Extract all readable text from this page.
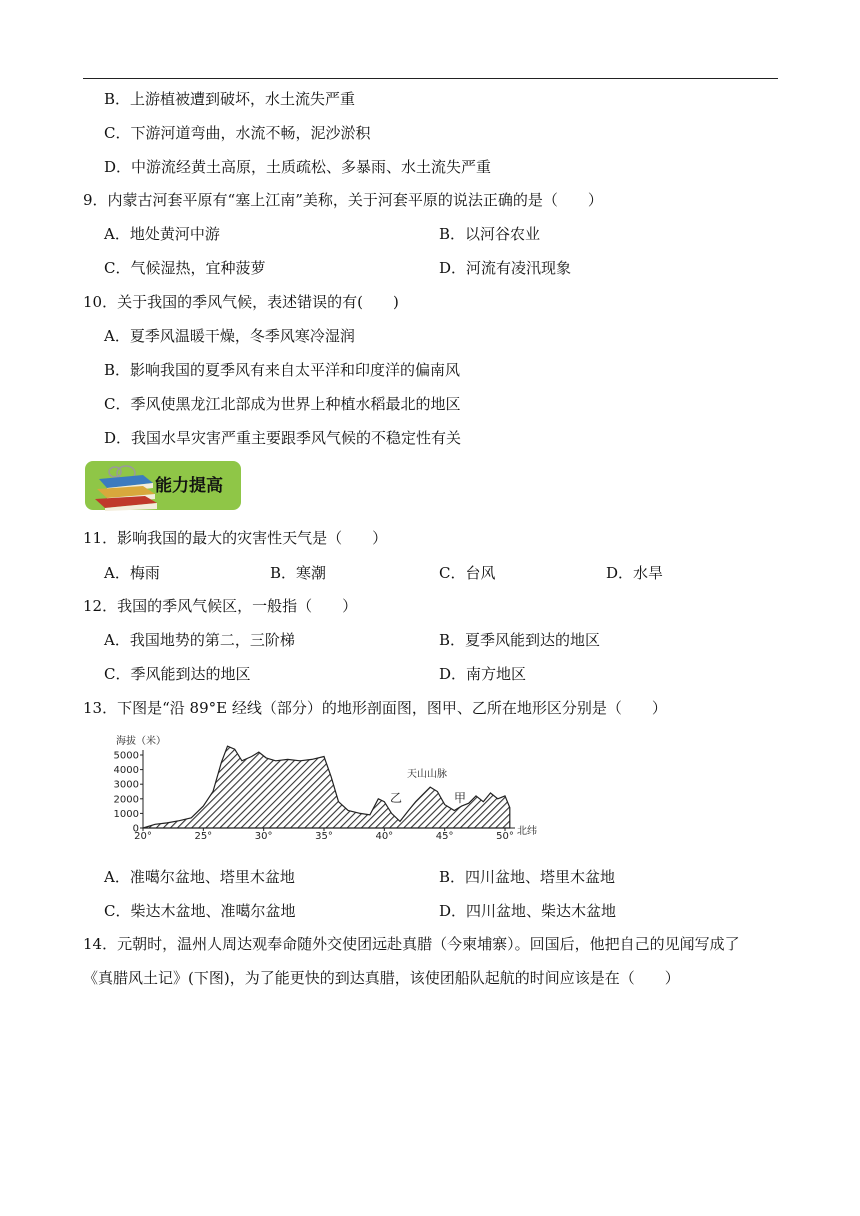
B．上游植被遭到破坏，水土流失严重
C．下游河道弯曲，水流不畅，泥沙淤积
D．中游流经黄土高原，土质疏松、多暴雨、水土流失严重
9．内蒙古河套平原有“塞上江南”美称，关于河套平原的说法正确的是（　　）
A．地处黄河中游	B．以河谷农业
C．气候湿热，宜种菠萝	D．河流有凌汛现象
10．关于我国的季风气候，表述错误的有(　　)
A．夏季风温暖干燥，冬季风寒冷湿润
B．影响我国的夏季风有来自太平洋和印度洋的偏南风
C．季风使黑龙江北部成为世界上种植水稻最北的地区
D．我国水旱灾害严重主要跟季风气候的不稳定性有关
能力提高
11．影响我国的最大的灾害性天气是（　　）
A．梅雨	B．寒潮	C．台风	D．水旱
12．我国的季风气候区，一般指（　　）
A．我国地势的第二，三阶梯	B．夏季风能到达的地区
C．季风能到达的地区	D．南方地区
13．下图是“沿 89°E 经线（部分）的地形剖面图，图甲、乙所在地形区分别是（　　）
海拔（米）
5000
4000
3000
2000
1000
0
20°	25°	30°	35°	40°	45°	50°
天山山脉
乙	甲
北纬
A．准噶尔盆地、塔里木盆地	B．四川盆地、塔里木盆地
C．柴达木盆地、准噶尔盆地	D．四川盆地、柴达木盆地
14．元朝时，温州人周达观奉命随外交使团远赴真腊（今柬埔寨）。回国后，他把自己的见闻写成了
《真腊风土记》(下图)，为了能更快的到达真腊，该使团船队起航的时间应该是在（　　）
